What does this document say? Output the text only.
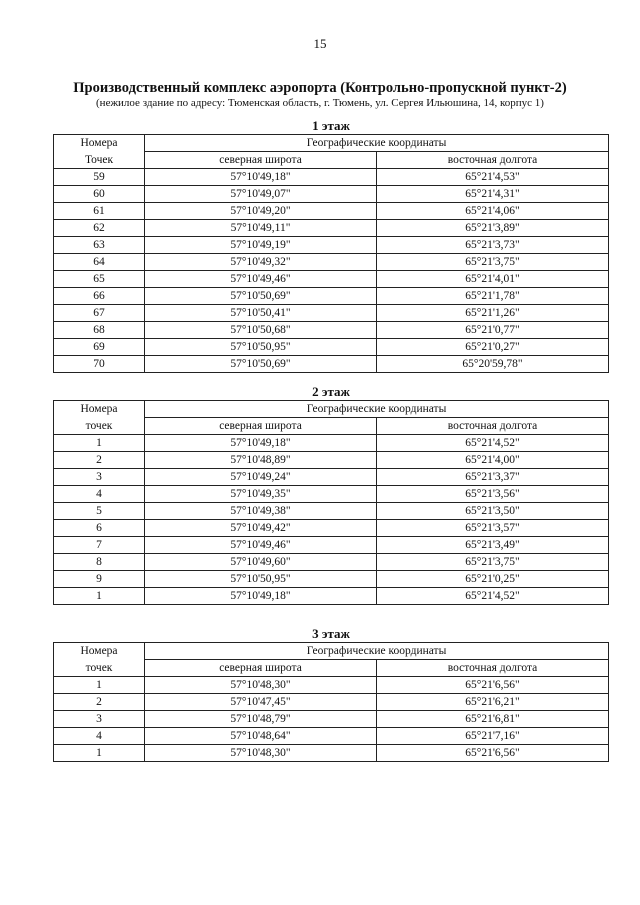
15
Производственный комплекс аэропорта (Контрольно-пропускной пункт-2)
(нежилое здание по адресу: Тюменская область, г. Тюмень, ул. Сергея Ильюшина, 14, корпус 1)
1 этаж
Номера	Географические координаты	
Точек	северная широта	восточная долгота
59	57°10'49,18"	65°21'4,53"
60	57°10'49,07"	65°21'4,31"
61	57°10'49,20"	65°21'4,06"
62	57°10'49,11"	65°21'3,89"
63	57°10'49,19"	65°21'3,73"
64	57°10'49,32"	65°21'3,75"
65	57°10'49,46"	65°21'4,01"
66	57°10'50,69"	65°21'1,78"
67	57°10'50,41"	65°21'1,26"
68	57°10'50,68"	65°21'0,77"
69	57°10'50,95"	65°21'0,27"
70	57°10'50,69"	65°20'59,78"
2 этаж
Номера	Географические координаты	
точек	северная широта	восточная долгота
1	57°10'49,18"	65°21'4,52"
2	57°10'48,89"	65°21'4,00"
3	57°10'49,24"	65°21'3,37"
4	57°10'49,35"	65°21'3,56"
5	57°10'49,38"	65°21'3,50"
6	57°10'49,42"	65°21'3,57"
7	57°10'49,46"	65°21'3,49"
8	57°10'49,60"	65°21'3,75"
9	57°10'50,95"	65°21'0,25"
1	57°10'49,18"	65°21'4,52"
3 этаж
Номера	Географические координаты	
точек	северная широта	восточная долгота
1	57°10'48,30"	65°21'6,56"
2	57°10'47,45"	65°21'6,21"
3	57°10'48,79"	65°21'6,81"
4	57°10'48,64"	65°21'7,16"
1	57°10'48,30"	65°21'6,56"
